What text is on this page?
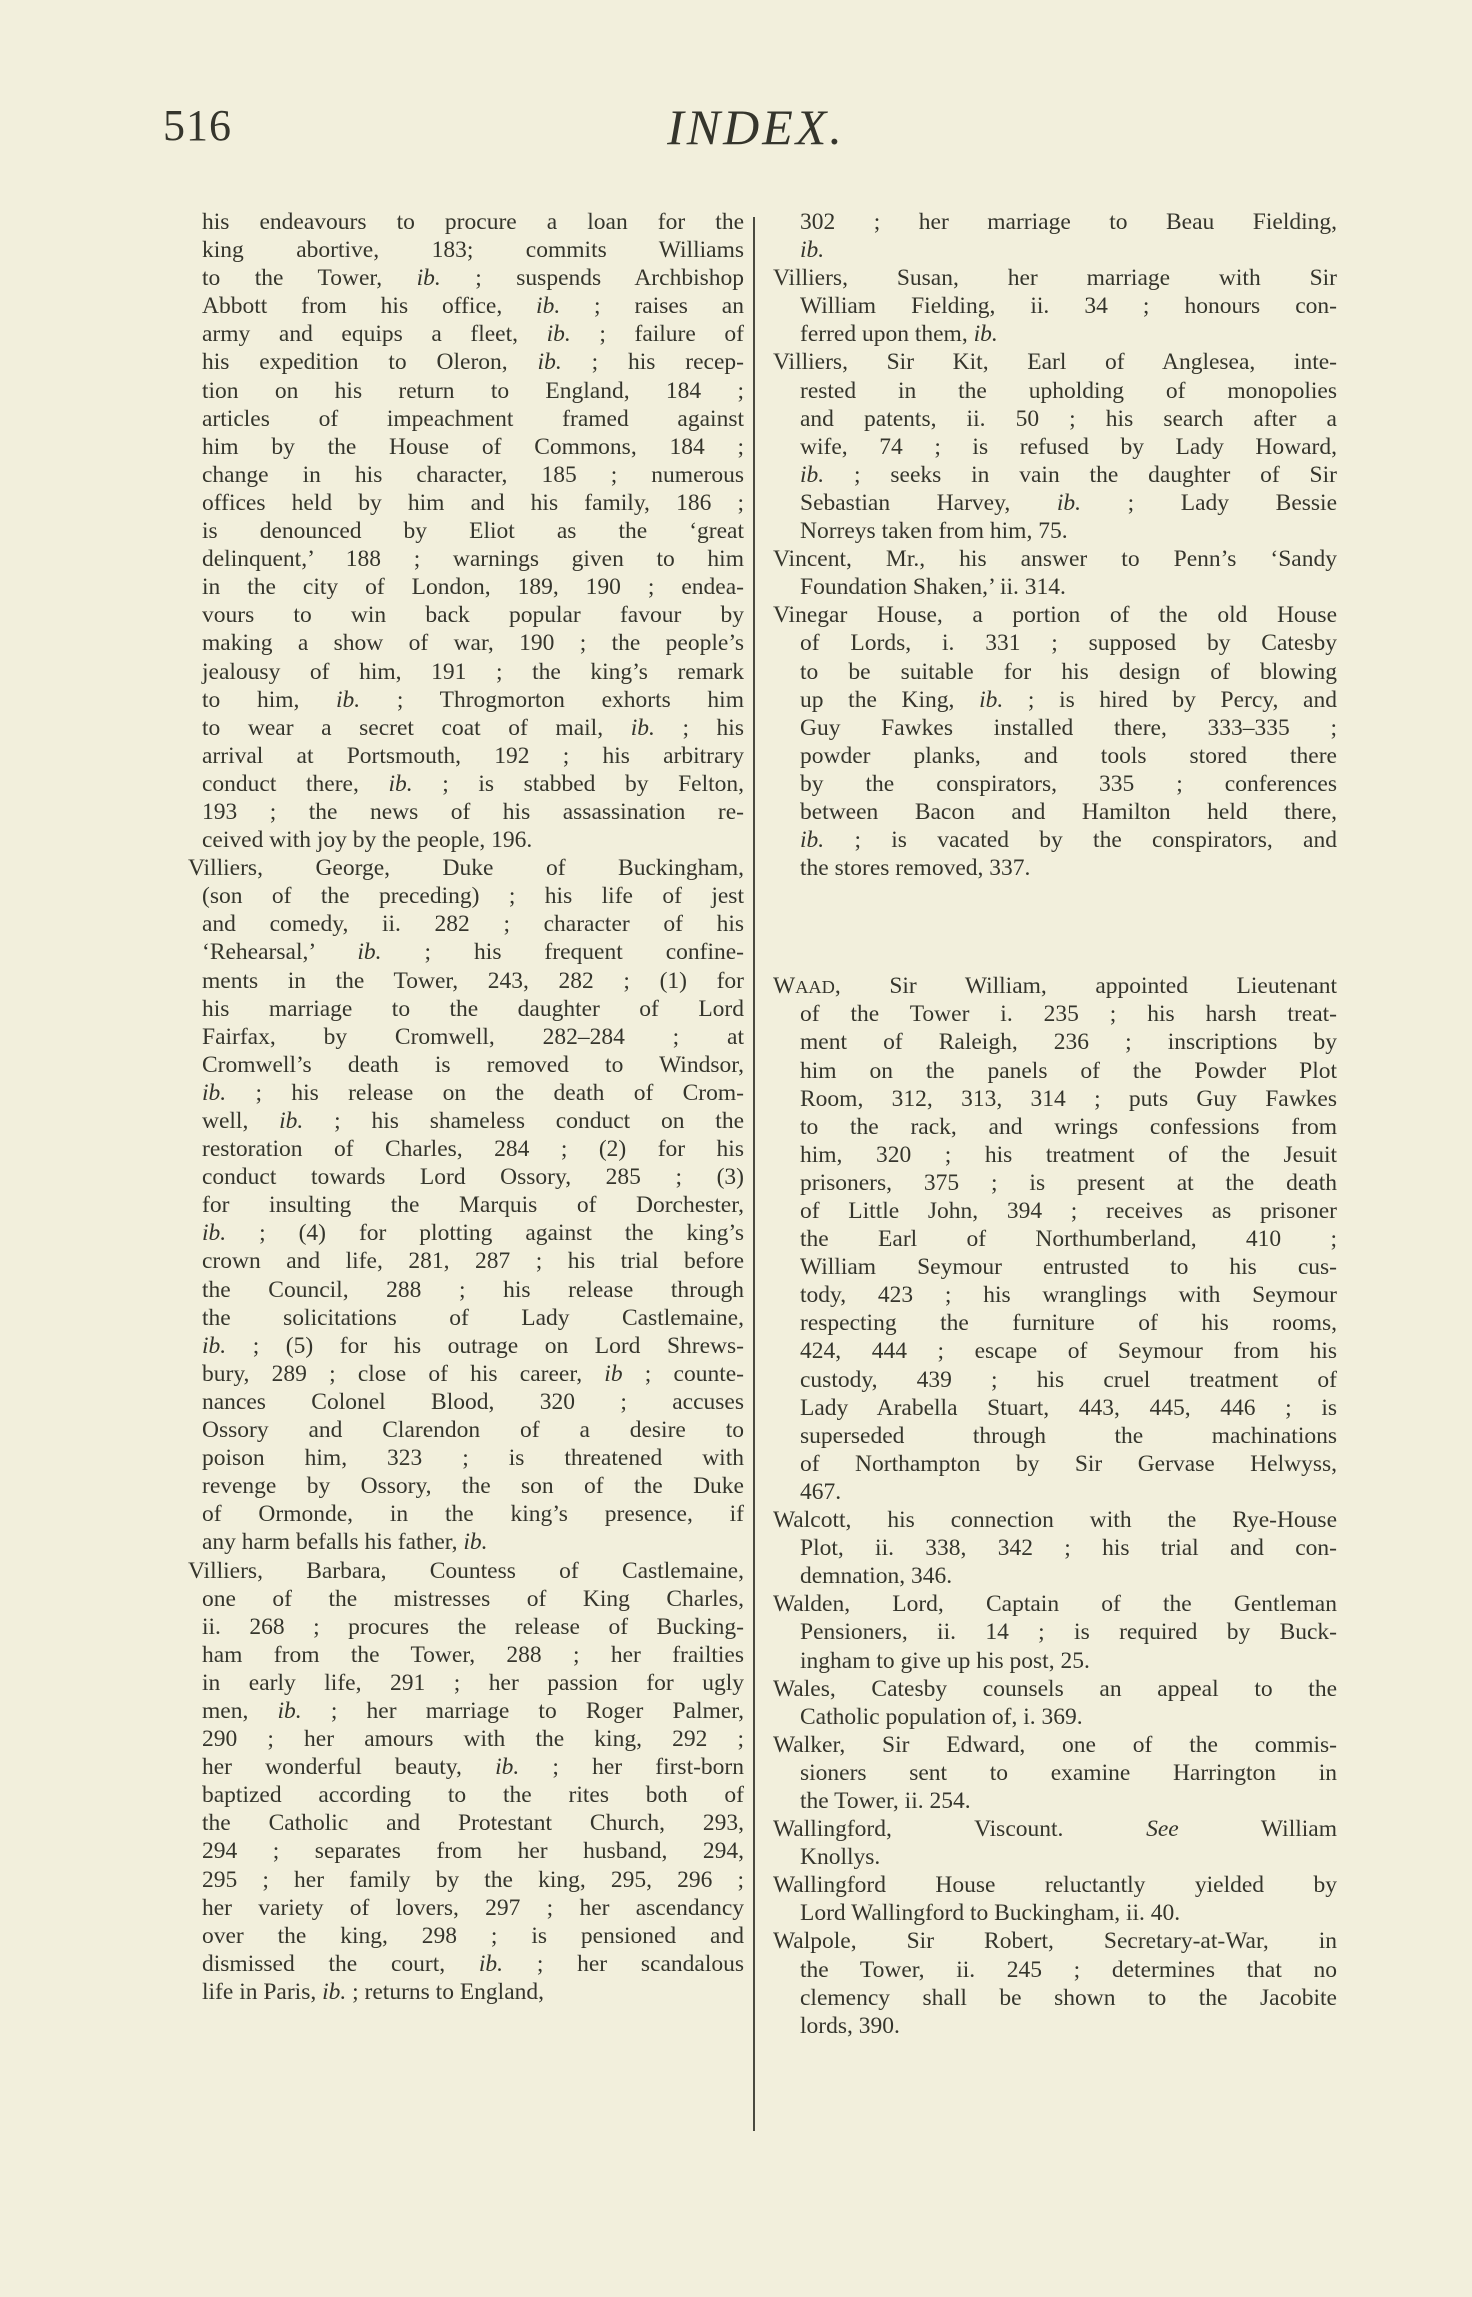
516	INDEX.
his endeavours to procure a loan for the
king abortive, 183; commits Williams
to the Tower, ib. ; suspends Archbishop
Abbott from his office, ib. ; raises an
army and equips a fleet, ib. ; failure of
his expedition to Oleron, ib. ; his recep-
tion on his return to England, 184 ;
articles of impeachment framed against
him by the House of Commons, 184 ;
change in his character, 185 ; numerous
offices held by him and his family, 186 ;
is denounced by Eliot as the ‘great
delinquent,’ 188 ; warnings given to him
in the city of London, 189, 190 ; endea-
vours to win back popular favour by
making a show of war, 190 ; the people’s
jealousy of him, 191 ; the king’s remark
to him, ib. ; Throgmorton exhorts him
to wear a secret coat of mail, ib. ; his
arrival at Portsmouth, 192 ; his arbitrary
conduct there, ib. ; is stabbed by Felton,
193 ; the news of his assassination re-
ceived with joy by the people, 196.
Villiers, George, Duke of Buckingham,
(son of the preceding) ; his life of jest
and comedy, ii. 282 ; character of his
‘Rehearsal,’ ib. ; his frequent confine-
ments in the Tower, 243, 282 ; (1) for
his marriage to the daughter of Lord
Fairfax, by Cromwell, 282–284 ; at
Cromwell’s death is removed to Windsor,
ib. ; his release on the death of Crom-
well, ib. ; his shameless conduct on the
restoration of Charles, 284 ; (2) for his
conduct towards Lord Ossory, 285 ; (3)
for insulting the Marquis of Dorchester,
ib. ; (4) for plotting against the king’s
crown and life, 281, 287 ; his trial before
the Council, 288 ; his release through
the solicitations of Lady Castlemaine,
ib. ; (5) for his outrage on Lord Shrews-
bury, 289 ; close of his career, ib ; counte-
nances Colonel Blood, 320 ; accuses
Ossory and Clarendon of a desire to
poison him, 323 ; is threatened with
revenge by Ossory, the son of the Duke
of Ormonde, in the king’s presence, if
any harm befalls his father, ib.
Villiers, Barbara, Countess of Castlemaine,
one of the mistresses of King Charles,
ii. 268 ; procures the release of Bucking-
ham from the Tower, 288 ; her frailties
in early life, 291 ; her passion for ugly
men, ib. ; her marriage to Roger Palmer,
290 ; her amours with the king, 292 ;
her wonderful beauty, ib. ; her first-born
baptized according to the rites both of
the Catholic and Protestant Church, 293,
294 ; separates from her husband, 294,
295 ; her family by the king, 295, 296 ;
her variety of lovers, 297 ; her ascendancy
over the king, 298 ; is pensioned and
dismissed the court, ib. ; her scandalous
life in Paris, ib. ; returns to England,
302 ; her marriage to Beau Fielding,
ib.
Villiers, Susan, her marriage with Sir
William Fielding, ii. 34 ; honours con-
ferred upon them, ib.
Villiers, Sir Kit, Earl of Anglesea, inte-
rested in the upholding of monopolies
and patents, ii. 50 ; his search after a
wife, 74 ; is refused by Lady Howard,
ib. ; seeks in vain the daughter of Sir
Sebastian Harvey, ib. ; Lady Bessie
Norreys taken from him, 75.
Vincent, Mr., his answer to Penn’s ‘Sandy
Foundation Shaken,’ ii. 314.
Vinegar House, a portion of the old House
of Lords, i. 331 ; supposed by Catesby
to be suitable for his design of blowing
up the King, ib. ; is hired by Percy, and
Guy Fawkes installed there, 333–335 ;
powder planks, and tools stored there
by the conspirators, 335 ; conferences
between Bacon and Hamilton held there,
ib. ; is vacated by the conspirators, and
the stores removed, 337.
WAAD, Sir William, appointed Lieutenant
of the Tower i. 235 ; his harsh treat-
ment of Raleigh, 236 ; inscriptions by
him on the panels of the Powder Plot
Room, 312, 313, 314 ; puts Guy Fawkes
to the rack, and wrings confessions from
him, 320 ; his treatment of the Jesuit
prisoners, 375 ; is present at the death
of Little John, 394 ; receives as prisoner
the Earl of Northumberland, 410 ;
William Seymour entrusted to his cus-
tody, 423 ; his wranglings with Seymour
respecting the furniture of his rooms,
424, 444 ; escape of Seymour from his
custody, 439 ; his cruel treatment of
Lady Arabella Stuart, 443, 445, 446 ; is
superseded through the machinations
of Northampton by Sir Gervase Helwyss,
467.
Walcott, his connection with the Rye-House
Plot, ii. 338, 342 ; his trial and con-
demnation, 346.
Walden, Lord, Captain of the Gentleman
Pensioners, ii. 14 ; is required by Buck-
ingham to give up his post, 25.
Wales, Catesby counsels an appeal to the
Catholic population of, i. 369.
Walker, Sir Edward, one of the commis-
sioners sent to examine Harrington in
the Tower, ii. 254.
Wallingford, Viscount. See William
Knollys.
Wallingford House reluctantly yielded by
Lord Wallingford to Buckingham, ii. 40.
Walpole, Sir Robert, Secretary-at-War, in
the Tower, ii. 245 ; determines that no
clemency shall be shown to the Jacobite
lords, 390.
